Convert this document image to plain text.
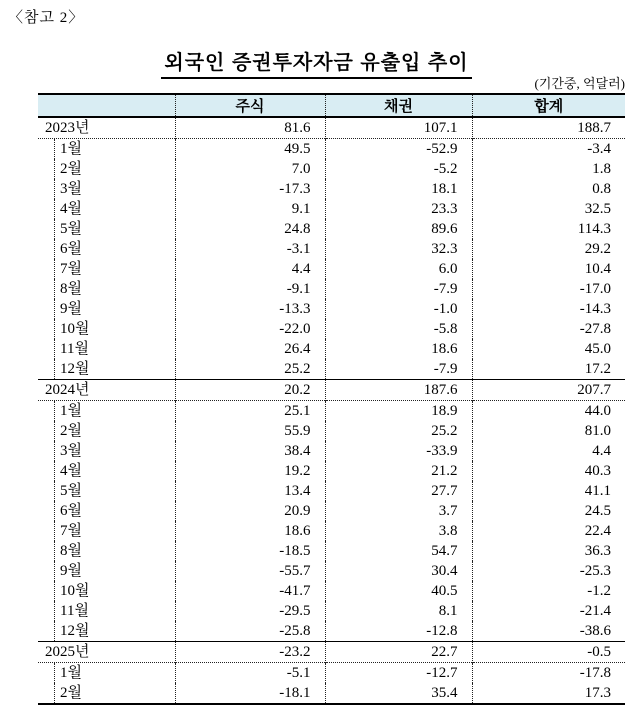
〈참고 2〉
외국인 증권투자자금 유출입 추이
(기간중, 억달러)
	주식	채권	합계

2023년	81.6	107.1	188.7

1월	49.5	-52.9	-3.4

2월	7.0	-5.2	1.8

3월	-17.3	18.1	0.8

4월	9.1	23.3	32.5

5월	24.8	89.6	114.3

6월	-3.1	32.3	29.2

7월	4.4	6.0	10.4

8월	-9.1	-7.9	-17.0

9월	-13.3	-1.0	-14.3

10월	-22.0	-5.8	-27.8

11월	26.4	18.6	45.0

12월	25.2	-7.9	17.2

2024년	20.2	187.6	207.7

1월	25.1	18.9	44.0

2월	55.9	25.2	81.0

3월	38.4	-33.9	4.4

4월	19.2	21.2	40.3

5월	13.4	27.7	41.1

6월	20.9	3.7	24.5

7월	18.6	3.8	22.4

8월	-18.5	54.7	36.3

9월	-55.7	30.4	-25.3

10월	-41.7	40.5	-1.2

11월	-29.5	8.1	-21.4

12월	-25.8	-12.8	-38.6

2025년	-23.2	22.7	-0.5

1월	-5.1	-12.7	-17.8

2월	-18.1	35.4	17.3
